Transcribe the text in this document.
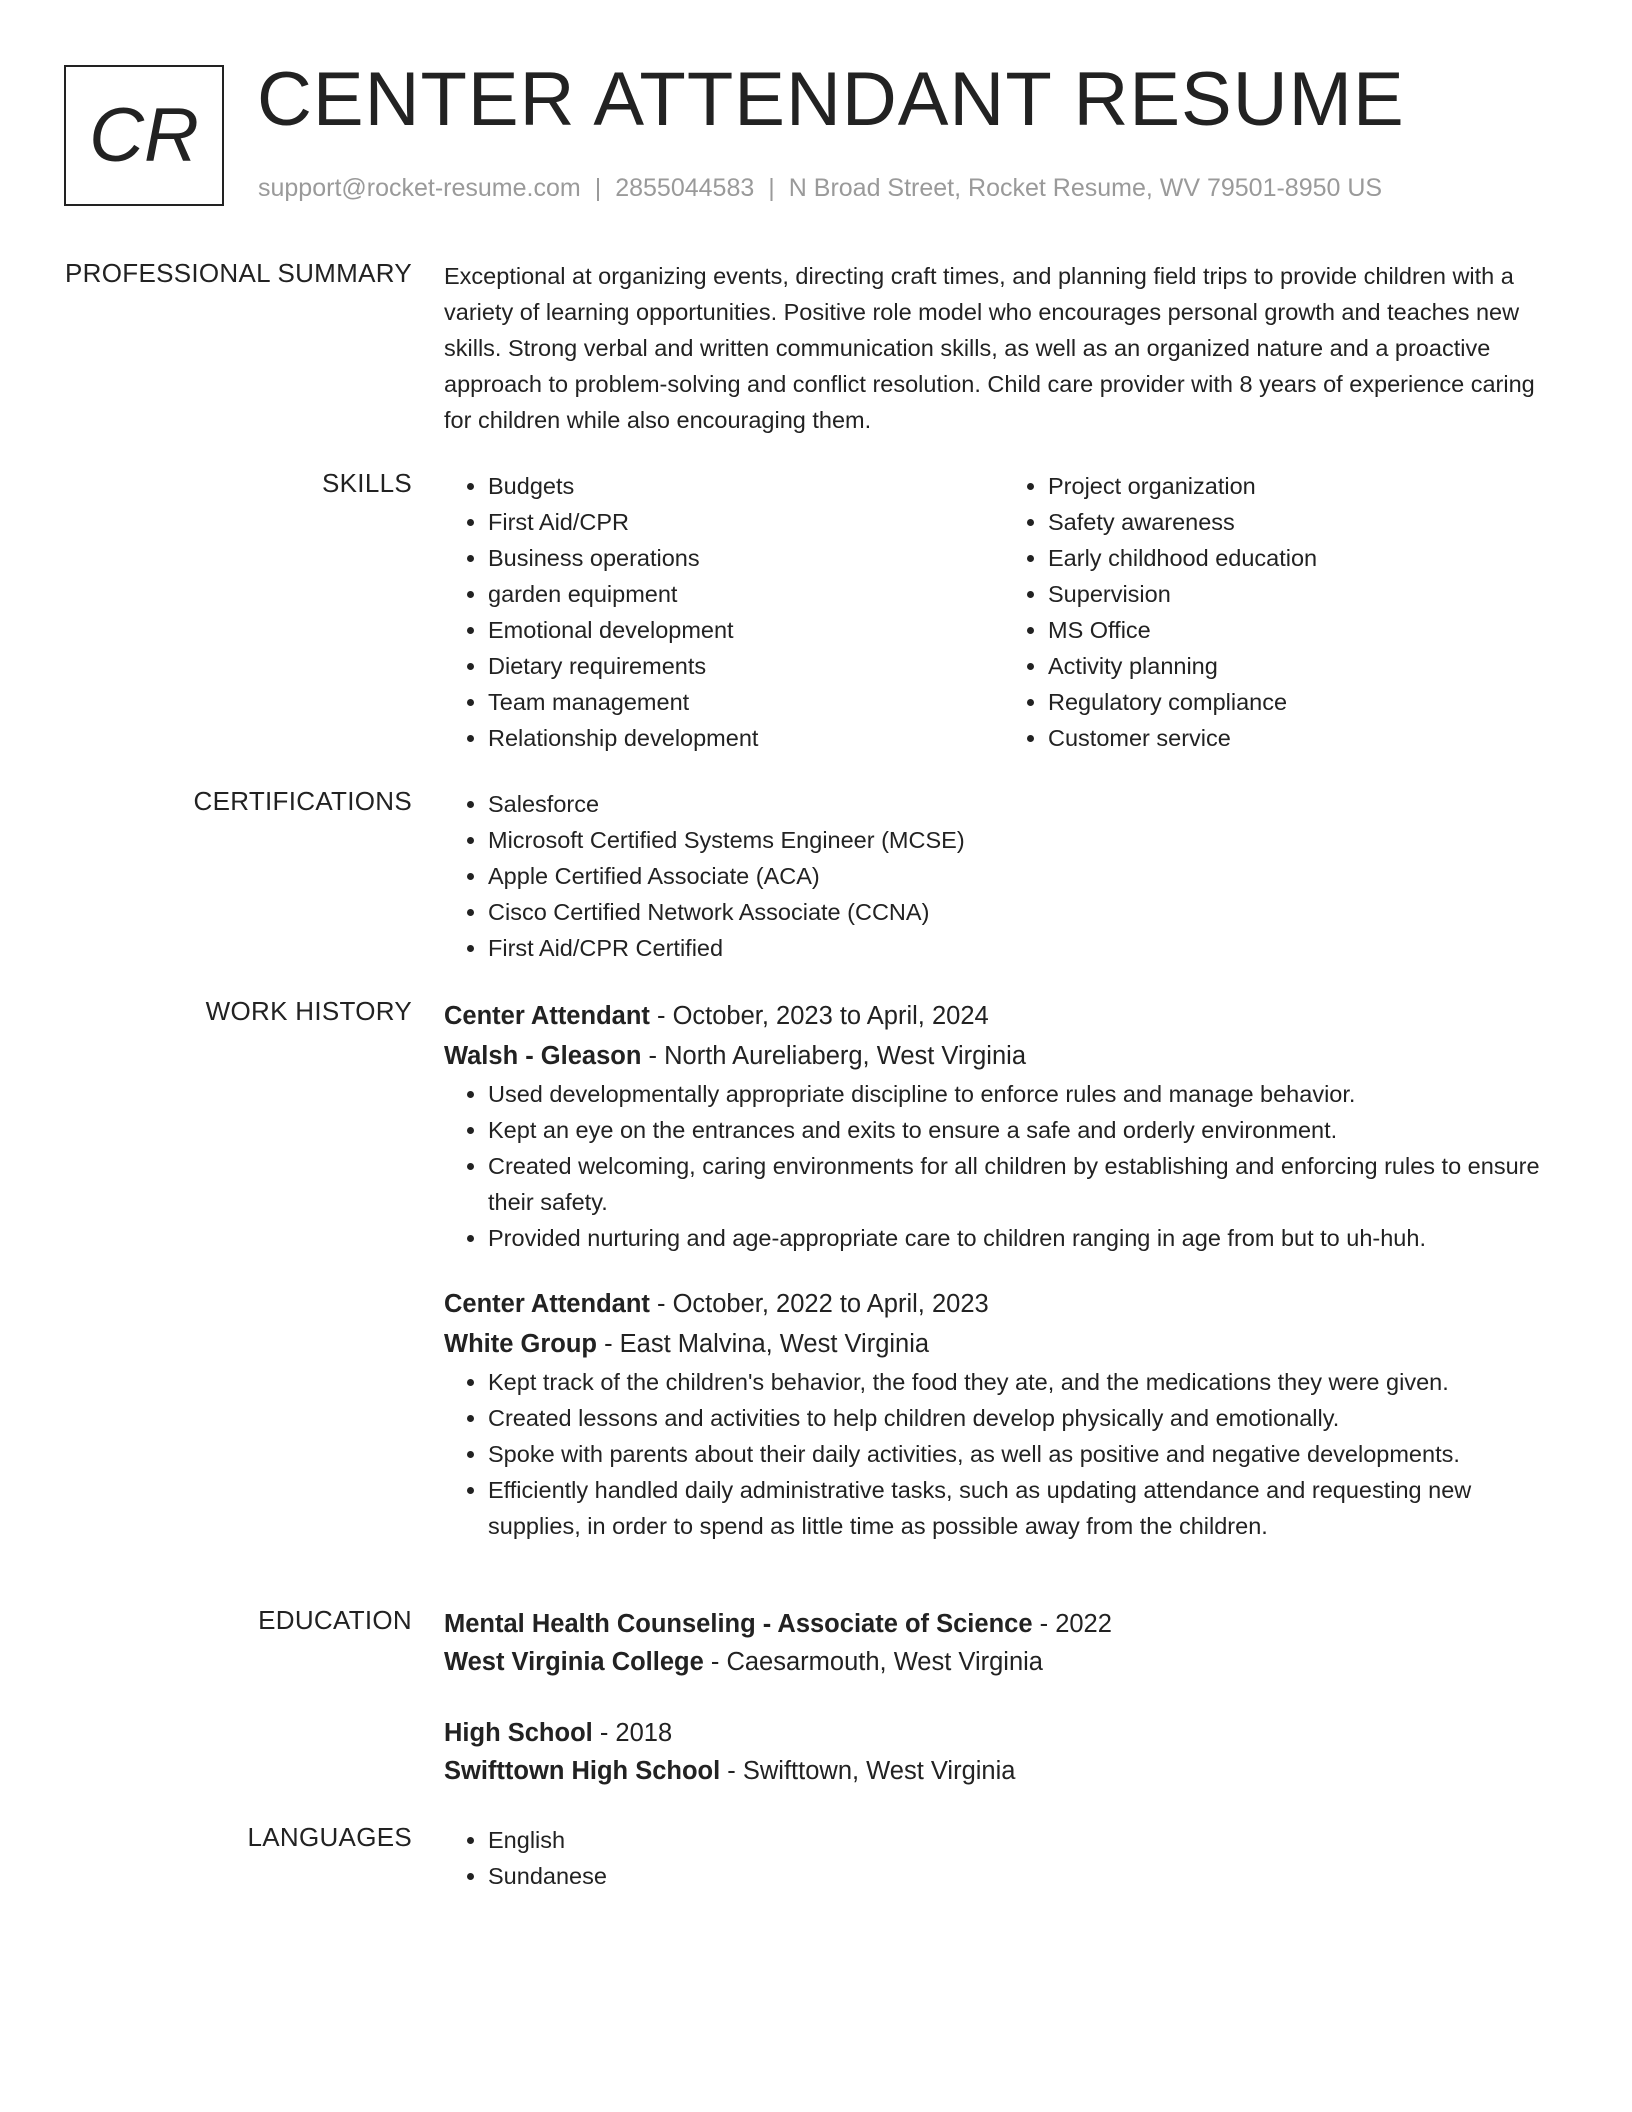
CR CENTER ATTENDANT RESUME
support@rocket-resume.com | 2855044583 | N Broad Street, Rocket Resume, WV 79501-8950 US
PROFESSIONAL SUMMARY Exceptional at organizing events, directing craft times, and planning field trips to provide children with a variety of learning opportunities. Positive role model who encourages personal growth and teaches new skills. Strong verbal and written communication skills, as well as an organized nature and a proactive approach to problem-solving and conflict resolution. Child care provider with 8 years of experience caring for children while also encouraging them.

SKILLS	• Budgets
• First Aid/CPR
• Business operations
• garden equipment
• Emotional development
• Dietary requirements
• Team management
• Relationship development
• Project organization
• Safety awareness
• Early childhood education
• Supervision
• MS Office
• Activity planning
• Regulatory compliance
• Customer service
CERTIFICATIONS	• Salesforce
• Microsoft Certified Systems Engineer (MCSE)
• Apple Certified Associate (ACA)
• Cisco Certified Network Associate (CCNA)
• First Aid/CPR Certified
WORK HISTORY Center Attendant - October, 2023 to April, 2024
Walsh - Gleason - North Aureliaberg, West Virginia
• Used developmentally appropriate discipline to enforce rules and manage behavior.
• Kept an eye on the entrances and exits to ensure a safe and orderly environment.
• Created welcoming, caring environments for all children by establishing and enforcing rules to ensure their safety.
• Provided nurturing and age-appropriate care to children ranging in age from but to uh-huh.
Center Attendant - October, 2022 to April, 2023
White Group - East Malvina, West Virginia
• Kept track of the children's behavior, the food they ate, and the medications they were given.
• Created lessons and activities to help children develop physically and emotionally.
• Spoke with parents about their daily activities, as well as positive and negative developments.
• Efficiently handled daily administrative tasks, such as updating attendance and requesting new supplies, in order to spend as little time as possible away from the children.
EDUCATION Mental Health Counseling - Associate of Science - 2022
West Virginia College - Caesarmouth, West Virginia
High School - 2018
Swifttown High School - Swifttown, West Virginia
LANGUAGES	• English
• Sundanese
